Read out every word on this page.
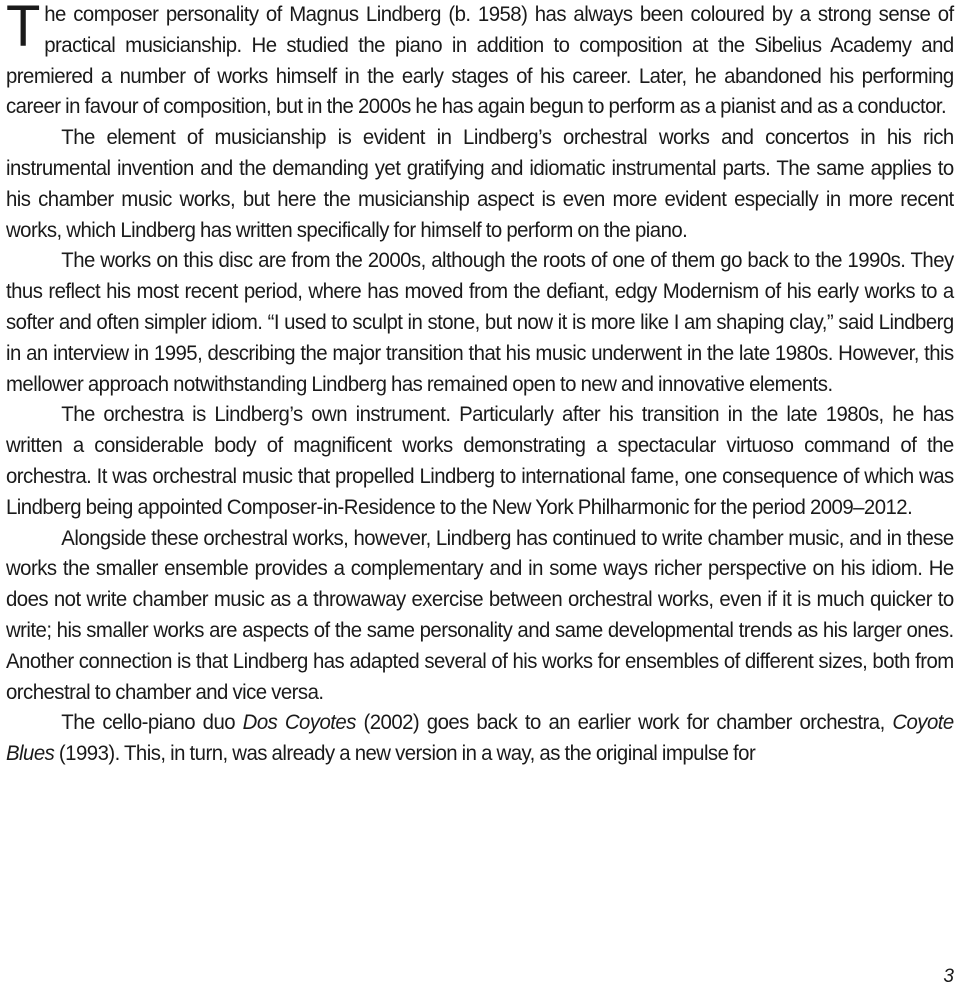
The composer personality of Magnus Lindberg (b. 1958) has always been coloured by a strong sense of practical musicianship. He studied the piano in addition to composition at the Sibelius Academy and premiered a number of works himself in the early stages of his career. Later, he abandoned his performing career in favour of composition, but in the 2000s he has again begun to perform as a pianist and as a conductor.

The element of musicianship is evident in Lindberg’s orchestral works and concertos in his rich instrumental invention and the demanding yet gratifying and idiomatic instrumental parts. The same applies to his chamber music works, but here the musicianship aspect is even more evident especially in more recent works, which Lindberg has written specifically for himself to perform on the piano.

The works on this disc are from the 2000s, although the roots of one of them go back to the 1990s. They thus reflect his most recent period, where has moved from the defiant, edgy Modernism of his early works to a softer and often simpler idiom. “I used to sculpt in stone, but now it is more like I am shaping clay,” said Lindberg in an interview in 1995, describing the major transition that his music underwent in the late 1980s. However, this mellower approach notwithstanding Lindberg has remained open to new and innovative elements.

The orchestra is Lindberg’s own instrument. Particularly after his transition in the late 1980s, he has written a considerable body of magnificent works demonstrating a spectacular virtuoso command of the orchestra. It was orchestral music that propelled Lindberg to international fame, one consequence of which was Lindberg being appointed Composer-in-Residence to the New York Philharmonic for the period 2009–2012.

Alongside these orchestral works, however, Lindberg has continued to write chamber music, and in these works the smaller ensemble provides a complementary and in some ways richer perspective on his idiom. He does not write chamber music as a throwaway exercise between orchestral works, even if it is much quicker to write; his smaller works are aspects of the same personality and same developmental trends as his larger ones. Another connection is that Lindberg has adapted several of his works for ensembles of different sizes, both from orchestral to chamber and vice versa.

The cello-piano duo Dos Coyotes (2002) goes back to an earlier work for chamber orchestra, Coyote Blues (1993). This, in turn, was already a new version in a way, as the original impulse for

3
